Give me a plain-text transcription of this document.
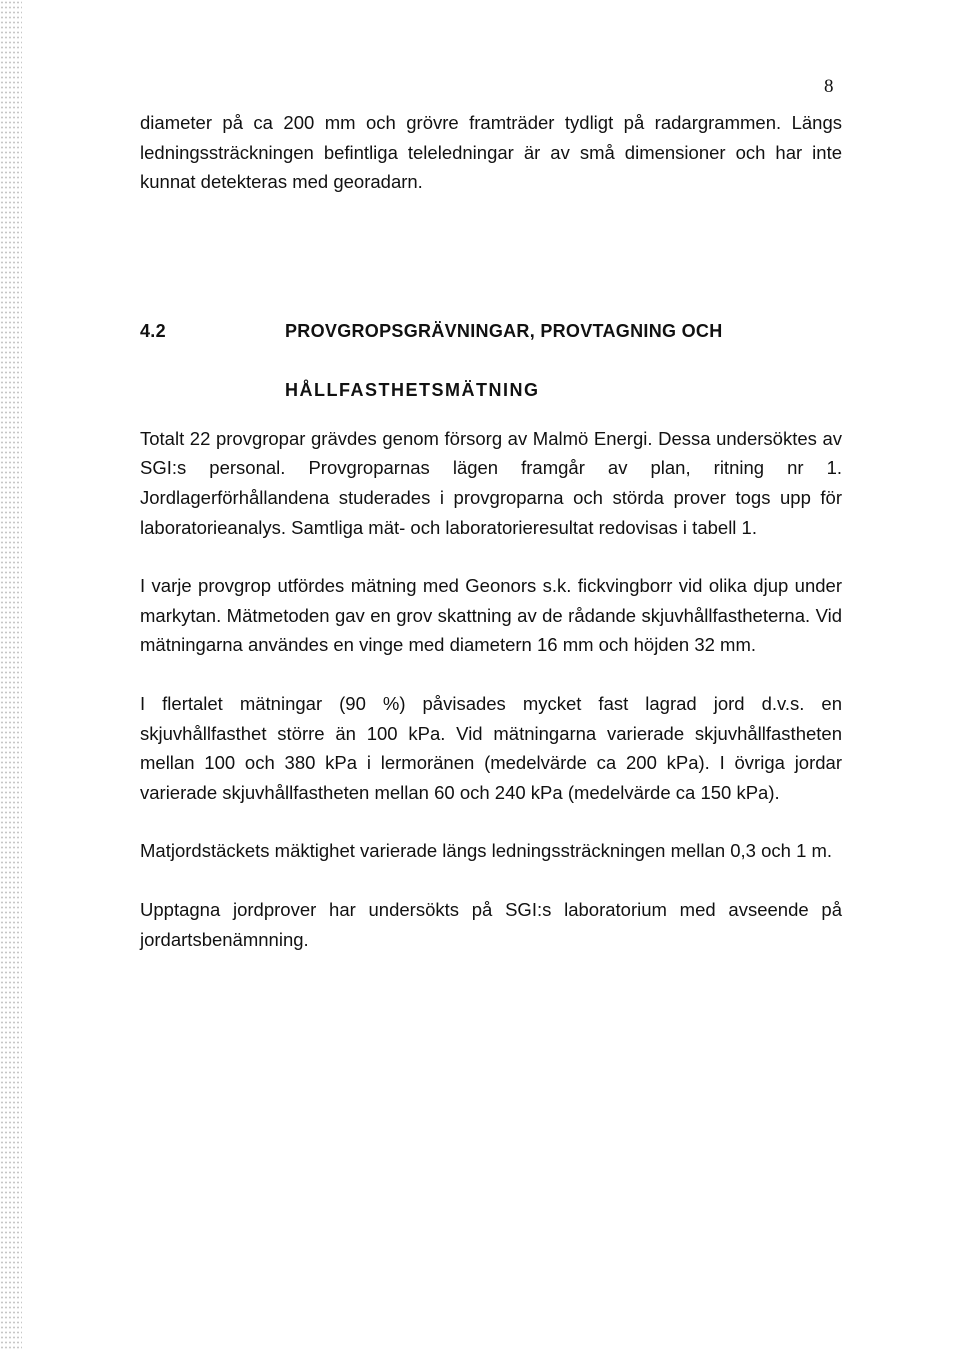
8

diameter på ca 200 mm och grövre framträder tydligt på radargrammen. Längs ledningssträckningen befintliga teleledningar är av små dimensioner och har inte kunnat detekteras med georadarn.

4.2	PROVGROPSGRÄVNINGAR, PROVTAGNING OCH
HÅLLFASTHETSMÄTNING

Totalt 22 provgropar grävdes genom försorg av Malmö Energi. Dessa undersöktes av SGI:s personal. Provgroparnas lägen framgår av plan, ritning nr 1. Jordlagerförhållandena studerades i provgroparna och störda prover togs upp för laboratorieanalys. Samtliga mät- och laboratorieresultat redovisas i tabell 1.

I varje provgrop utfördes mätning med Geonors s.k. fickvingborr vid olika djup under markytan. Mätmetoden gav en grov skattning av de rådande skjuvhållfastheterna. Vid mätningarna användes en vinge med diametern 16 mm och höjden 32 mm.

I flertalet mätningar (90 %) påvisades mycket fast lagrad jord d.v.s. en skjuvhållfasthet större än 100 kPa. Vid mätningarna varierade skjuvhållfastheten mellan 100 och 380 kPa i lermoränen (medelvärde ca 200 kPa). I övriga jordar varierade skjuvhållfastheten mellan 60 och 240 kPa (medelvärde ca 150 kPa).

Matjordstäckets mäktighet varierade längs ledningssträckningen mellan 0,3 och 1 m.

Upptagna jordprover har undersökts på SGI:s laboratorium med avseende på jordartsbenämnning.
